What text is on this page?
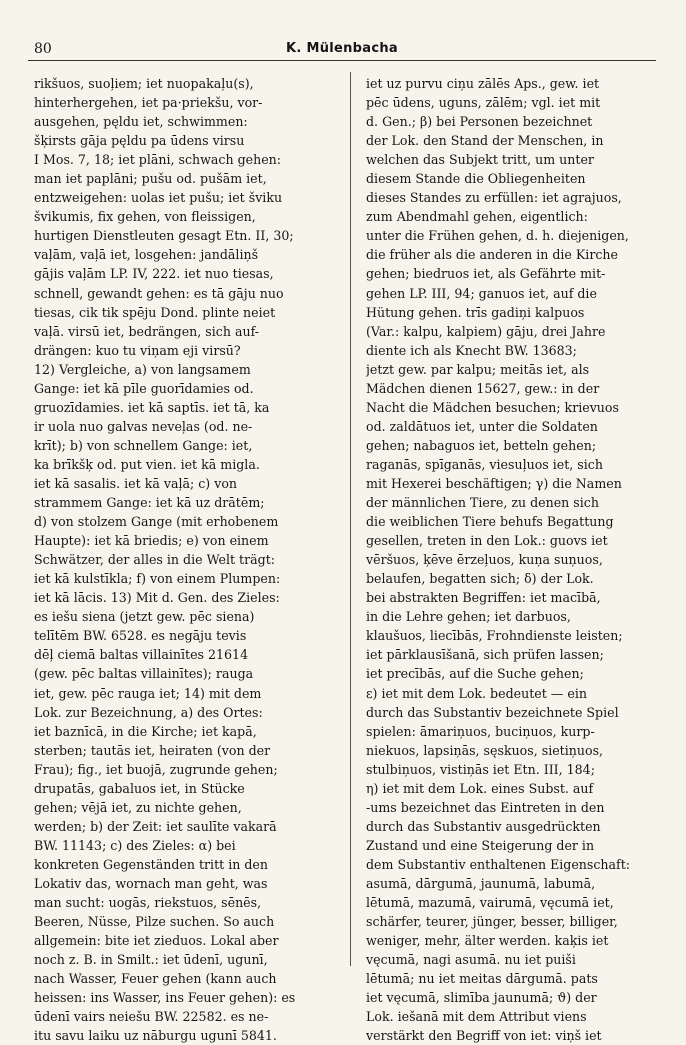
80	K. Mülenbacha
rikšuos, suoļiem; iet nuopakaļu(s),
hinterhergehen, iet pa·priekšu, vor-
ausgehen, pęldu iet, schwimmen:
šķirsts gāja pęldu pa ūdens virsu
I Mos. 7, 18; iet plāni, schwach gehen:
man iet paplāni; pušu od. pušām iet,
entzweigehen: uolas iet pušu; iet šviku
švikumis, fix gehen, von fleissigen,
hurtigen Dienstleuten gesagt Etn. II, 30;
vaļām, vaļā iet, losgehen: jandāliņš
gājis vaļām LP. IV, 222. iet nuo tiesas,
schnell, gewandt gehen: es tā gāju nuo
tiesas, cik tik spēju Dond. plinte neiet
vaļā. virsū iet, bedrängen, sich auf-
drängen: kuo tu viņam eji virsū?
12) Vergleiche, a) von langsamem
Gange: iet kā pīle guorīdamies od.
gruozīdamies. iet kā saptīs. iet tā, ka
ir uola nuo galvas neveļas (od. ne-
krīt); b) von schnellem Gange: iet,
ka brīkšķ od. put vien. iet kā migla.
iet kā sasalis. iet kā vaļā; c) von
strammem Gange: iet kā uz drātēm;
d) von stolzem Gange (mit erhobenem
Haupte): iet kā briedis; e) von einem
Schwätzer, der alles in die Welt trägt:
iet kā kulstīkla; f) von einem Plumpen:
iet kā lācis. 13) Mit d. Gen. des Zieles:
es iešu siena (jetzt gew. pēc siena)
telītēm BW. 6528. es negāju tevis
dēļ ciemā baltas villainītes 21614
(gew. pēc baltas villainītes); rauga
iet, gew. pēc rauga iet; 14) mit dem
Lok. zur Bezeichnung, a) des Ortes:
iet baznīcā, in die Kirche; iet kapā,
sterben; tautās iet, heiraten (von der
Frau); fig., iet buojā, zugrunde gehen;
drupatās, gabaluos iet, in Stücke
gehen; vējā iet, zu nichte gehen,
werden; b) der Zeit: iet saulīte vakarā
BW. 11143; c) des Zieles: α) bei
konkreten Gegenständen tritt in den
Lokativ das, wornach man geht, was
man sucht: uogās, riekstuos, sēnēs,
Beeren, Nüsse, Pilze suchen. So auch
allgemein: bite iet zieduos. Lokal aber
noch z. B. in Smilt.: iet ūdenī, ugunī,
nach Wasser, Feuer gehen (kann auch
heissen: ins Wasser, ins Feuer gehen): es
ūdenī vairs neiešu BW. 22582. es ne-
itu savu laiku uz nāburgu ugunī 5841.
iet uz purvu ciņu zālēs Aps., gew. iet
pēc ūdens, uguns, zālēm; vgl. iet mit
d. Gen.; β) bei Personen bezeichnet
der Lok. den Stand der Menschen, in
welchen das Subjekt tritt, um unter
diesem Stande die Obliegenheiten
dieses Standes zu erfüllen: iet agrajuos,
zum Abendmahl gehen, eigentlich:
unter die Frühen gehen, d. h. diejenigen,
die früher als die anderen in die Kirche
gehen; biedruos iet, als Gefährte mit-
gehen LP. III, 94; ganuos iet, auf die
Hütung gehen. trīs gadiņi kalpuos
(Var.: kalpu, kalpiem) gāju, drei Jahre
diente ich als Knecht BW. 13683;
jetzt gew. par kalpu; meitās iet, als
Mädchen dienen 15627, gew.: in der
Nacht die Mädchen besuchen; krievuos
od. zaldātuos iet, unter die Soldaten
gehen; nabaguos iet, betteln gehen;
raganās, spīganās, viesuļuos iet, sich
mit Hexerei beschäftigen; γ) die Namen
der männlichen Tiere, zu denen sich
die weiblichen Tiere behufs Begattung
gesellen, treten in den Lok.: guovs iet
vēršuos, ķēve ērzeļuos, kuņa suņuos,
belaufen, begatten sich; δ) der Lok.
bei abstrakten Begriffen: iet macībā,
in die Lehre gehen; iet darbuos,
klaušuos, liecībās, Frohndienste leisten;
iet pārklausīšanā, sich prüfen lassen;
iet precībās, auf die Suche gehen;
ε) iet mit dem Lok. bedeutet — ein
durch das Substantiv bezeichnete Spiel
spielen: āmariņuos, buciņuos, kurp-
niekuos, lapsiņās, sęskuos, sietiņuos,
stulbiņuos, vistiņās iet Etn. III, 184;
η) iet mit dem Lok. eines Subst. auf
-ums bezeichnet das Eintreten in den
durch das Substantiv ausgedrückten
Zustand und eine Steigerung der in
dem Substantiv enthaltenen Eigenschaft:
asumā, dārgumā, jaunumā, labumā,
lētumā, mazumā, vairumā, vęcumā iet,
schärfer, teurer, jünger, besser, billiger,
weniger, mehr, älter werden. kaķis iet
vęcumā, nagi asumā. nu iet puiši
lētumā; nu iet meitas dārgumā. pats
iet vęcumā, slimība jaunumā; ϑ) der
Lok. iešanā mit dem Attribut viens
verstärkt den Begriff von iet: viņš iet
